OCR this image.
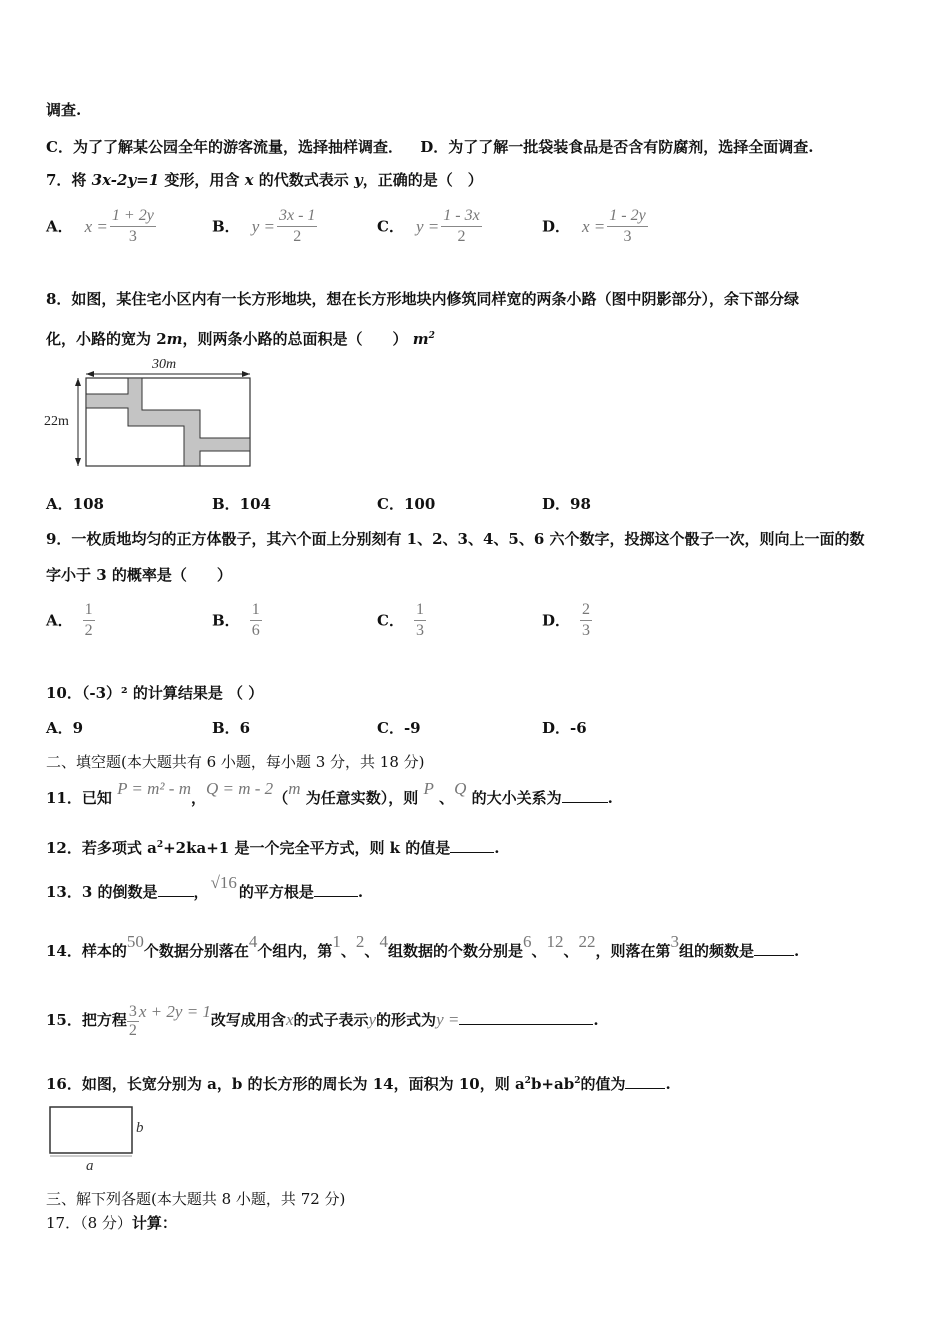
调查.
C．为了了解某公园全年的游客流量，选择抽样调查． D．为了了解一批袋装食品是否含有防腐剂，选择全面调查.
7．将 3x-2y=1 变形，用含 x 的代数式表示 y，正确的是（　）
A． $x = \frac{1 + 2y}{3}$	B． $y = \frac{3x - 1}{2}$	C． $y = \frac{1 - 3x}{2}$	D． $x = \frac{1 - 2y}{3}$
8．如图，某住宅小区内有一长方形地块，想在长方形地块内修筑同样宽的两条小路（图中阴影部分），余下部分绿
化，小路的宽为 2m，则两条小路的总面积是（　　） $m^2$
30m
22m
A．108	B．104	C．100	D．98
9．一枚质地均匀的正方体骰子，其六个面上分别刻有 1、2、3、4、5、6 六个数字，投掷这个骰子一次，则向上一面的数
字小于 3 的概率是（　　）
A． $\frac{1}{2}$	B． $\frac{1}{6}$	C． $\frac{1}{3}$	D． $\frac{2}{3}$
10．（-3）² 的计算结果是 （ ）
A．9	B．6	C．-9	D．-6
二、填空题(本大题共有 6 小题，每小题 3 分，共 18 分)
11．已知 P = m² - m，Q = m - 2（m 为任意实数），则 P 、Q 的大小关系为	.
12．若多项式 $a^2+2ka+1$ 是一个完全平方式，则 k 的值是	.
13．3 的倒数是 ， √16 的平方根是	.
14．样本的50个数据分别落在4个组内，第1、2、4组数据的个数分别是6、12、22，则落在第3组的频数是	.
15．把方程 $\frac{3}{2}$ x + 2y = 1改写成用含x的式子表示y的形式为y =	.
16．如图，长宽分别为 a，b 的长方形的周长为 14，面积为 10，则 $a^2b+ab^2$的值为	.
b
a
三、解下列各题(本大题共 8 小题，共 72 分)
17．（8 分）计算：
